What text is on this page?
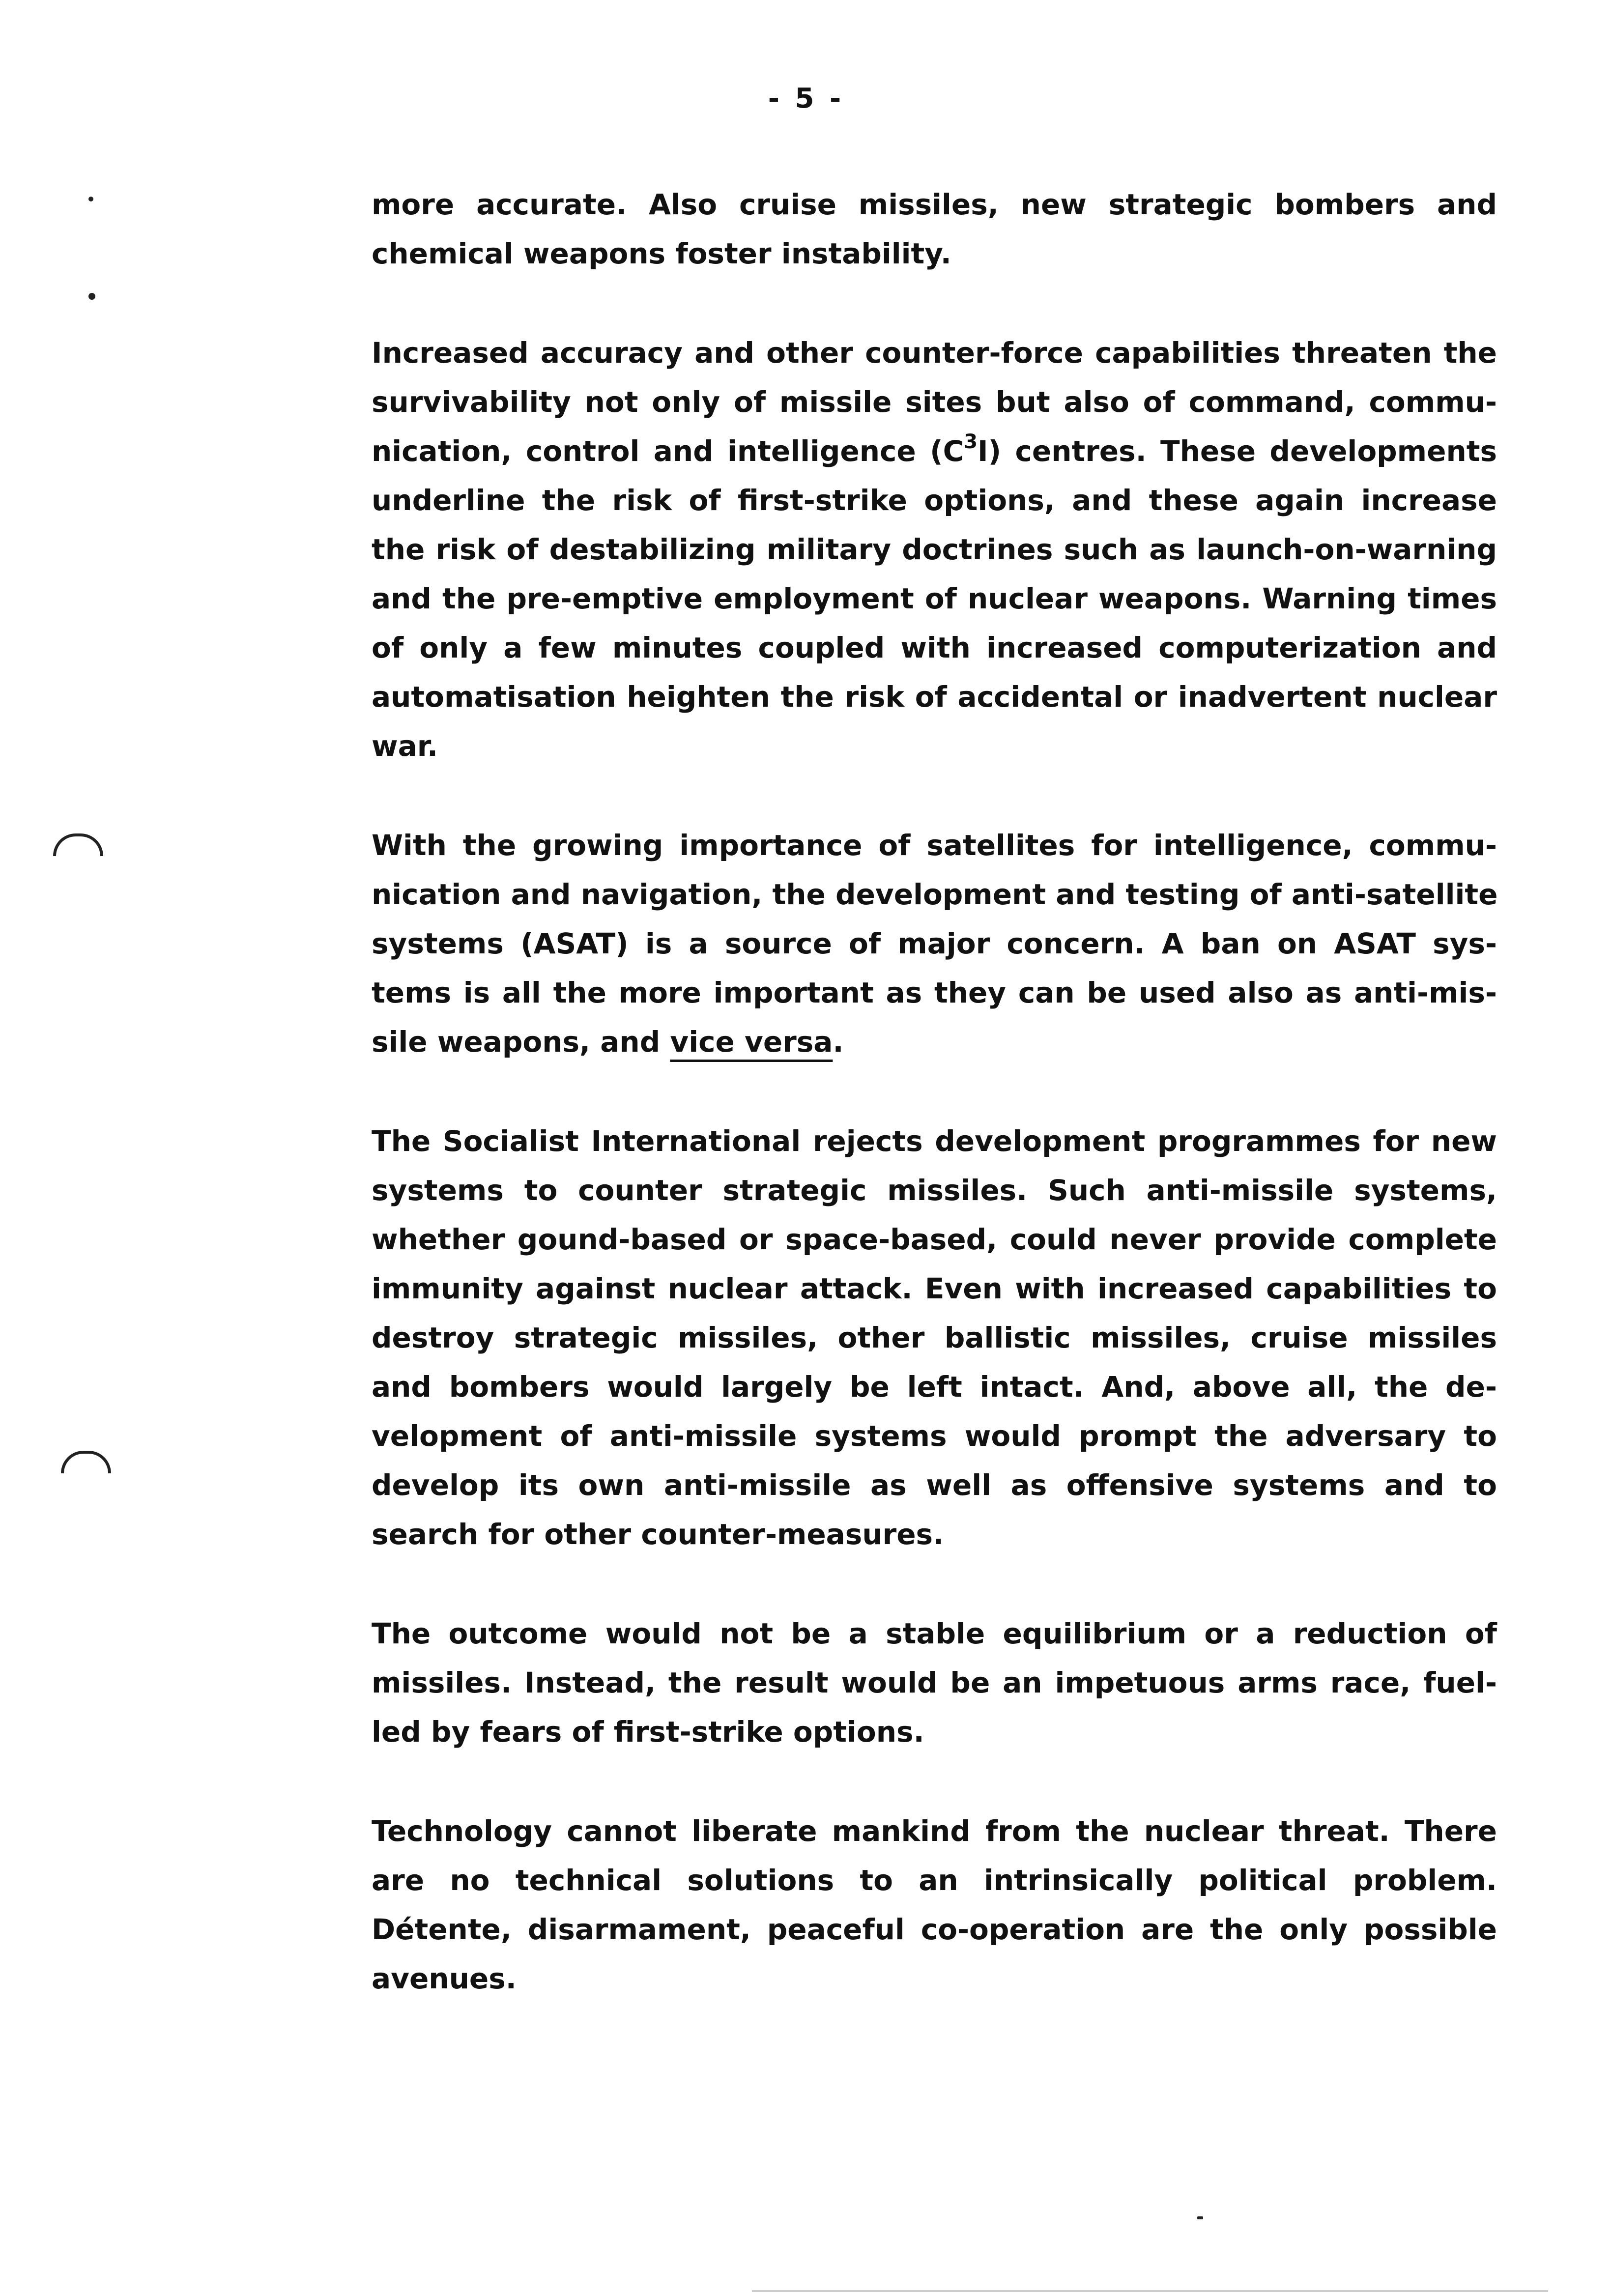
- 5 -
more accurate. Also cruise missiles, new strategic bombers and
chemical weapons foster instability.
Increased accuracy and other counter-force capabilities threaten the
survivability not only of missile sites but also of command, commu-
nication, control and intelligence $(C^3I)$ centres. These developments
underline the risk of first-strike options, and these again increase
the risk of destabilizing military doctrines such as launch-on-warning
and the pre-emptive employment of nuclear weapons. Warning times
of only a few minutes coupled with increased computerization and
automatisation heighten the risk of accidental or inadvertent nuclear
war.
With the growing importance of satellites for intelligence, commu-
nication and navigation, the development and testing of anti-satellite
systems (ASAT) is a source of major concern. A ban on ASAT sys-
tems is all the more important as they can be used also as anti-mis-
sile weapons, and vice versa.
The Socialist International rejects development programmes for new
systems to counter strategic missiles. Such anti-missile systems,
whether gound-based or space-based, could never provide complete
immunity against nuclear attack. Even with increased capabilities to
destroy strategic missiles, other ballistic missiles, cruise missiles
and bombers would largely be left intact. And, above all, the de-
velopment of anti-missile systems would prompt the adversary to
develop its own anti-missile as well as offensive systems and to
search for other counter-measures.
The outcome would not be a stable equilibrium or a reduction of
missiles. Instead, the result would be an impetuous arms race, fuel-
led by fears of first-strike options.
Technology cannot liberate mankind from the nuclear threat. There
are no technical solutions to an intrinsically political problem.
Détente, disarmament, peaceful co-operation are the only possible
avenues.
